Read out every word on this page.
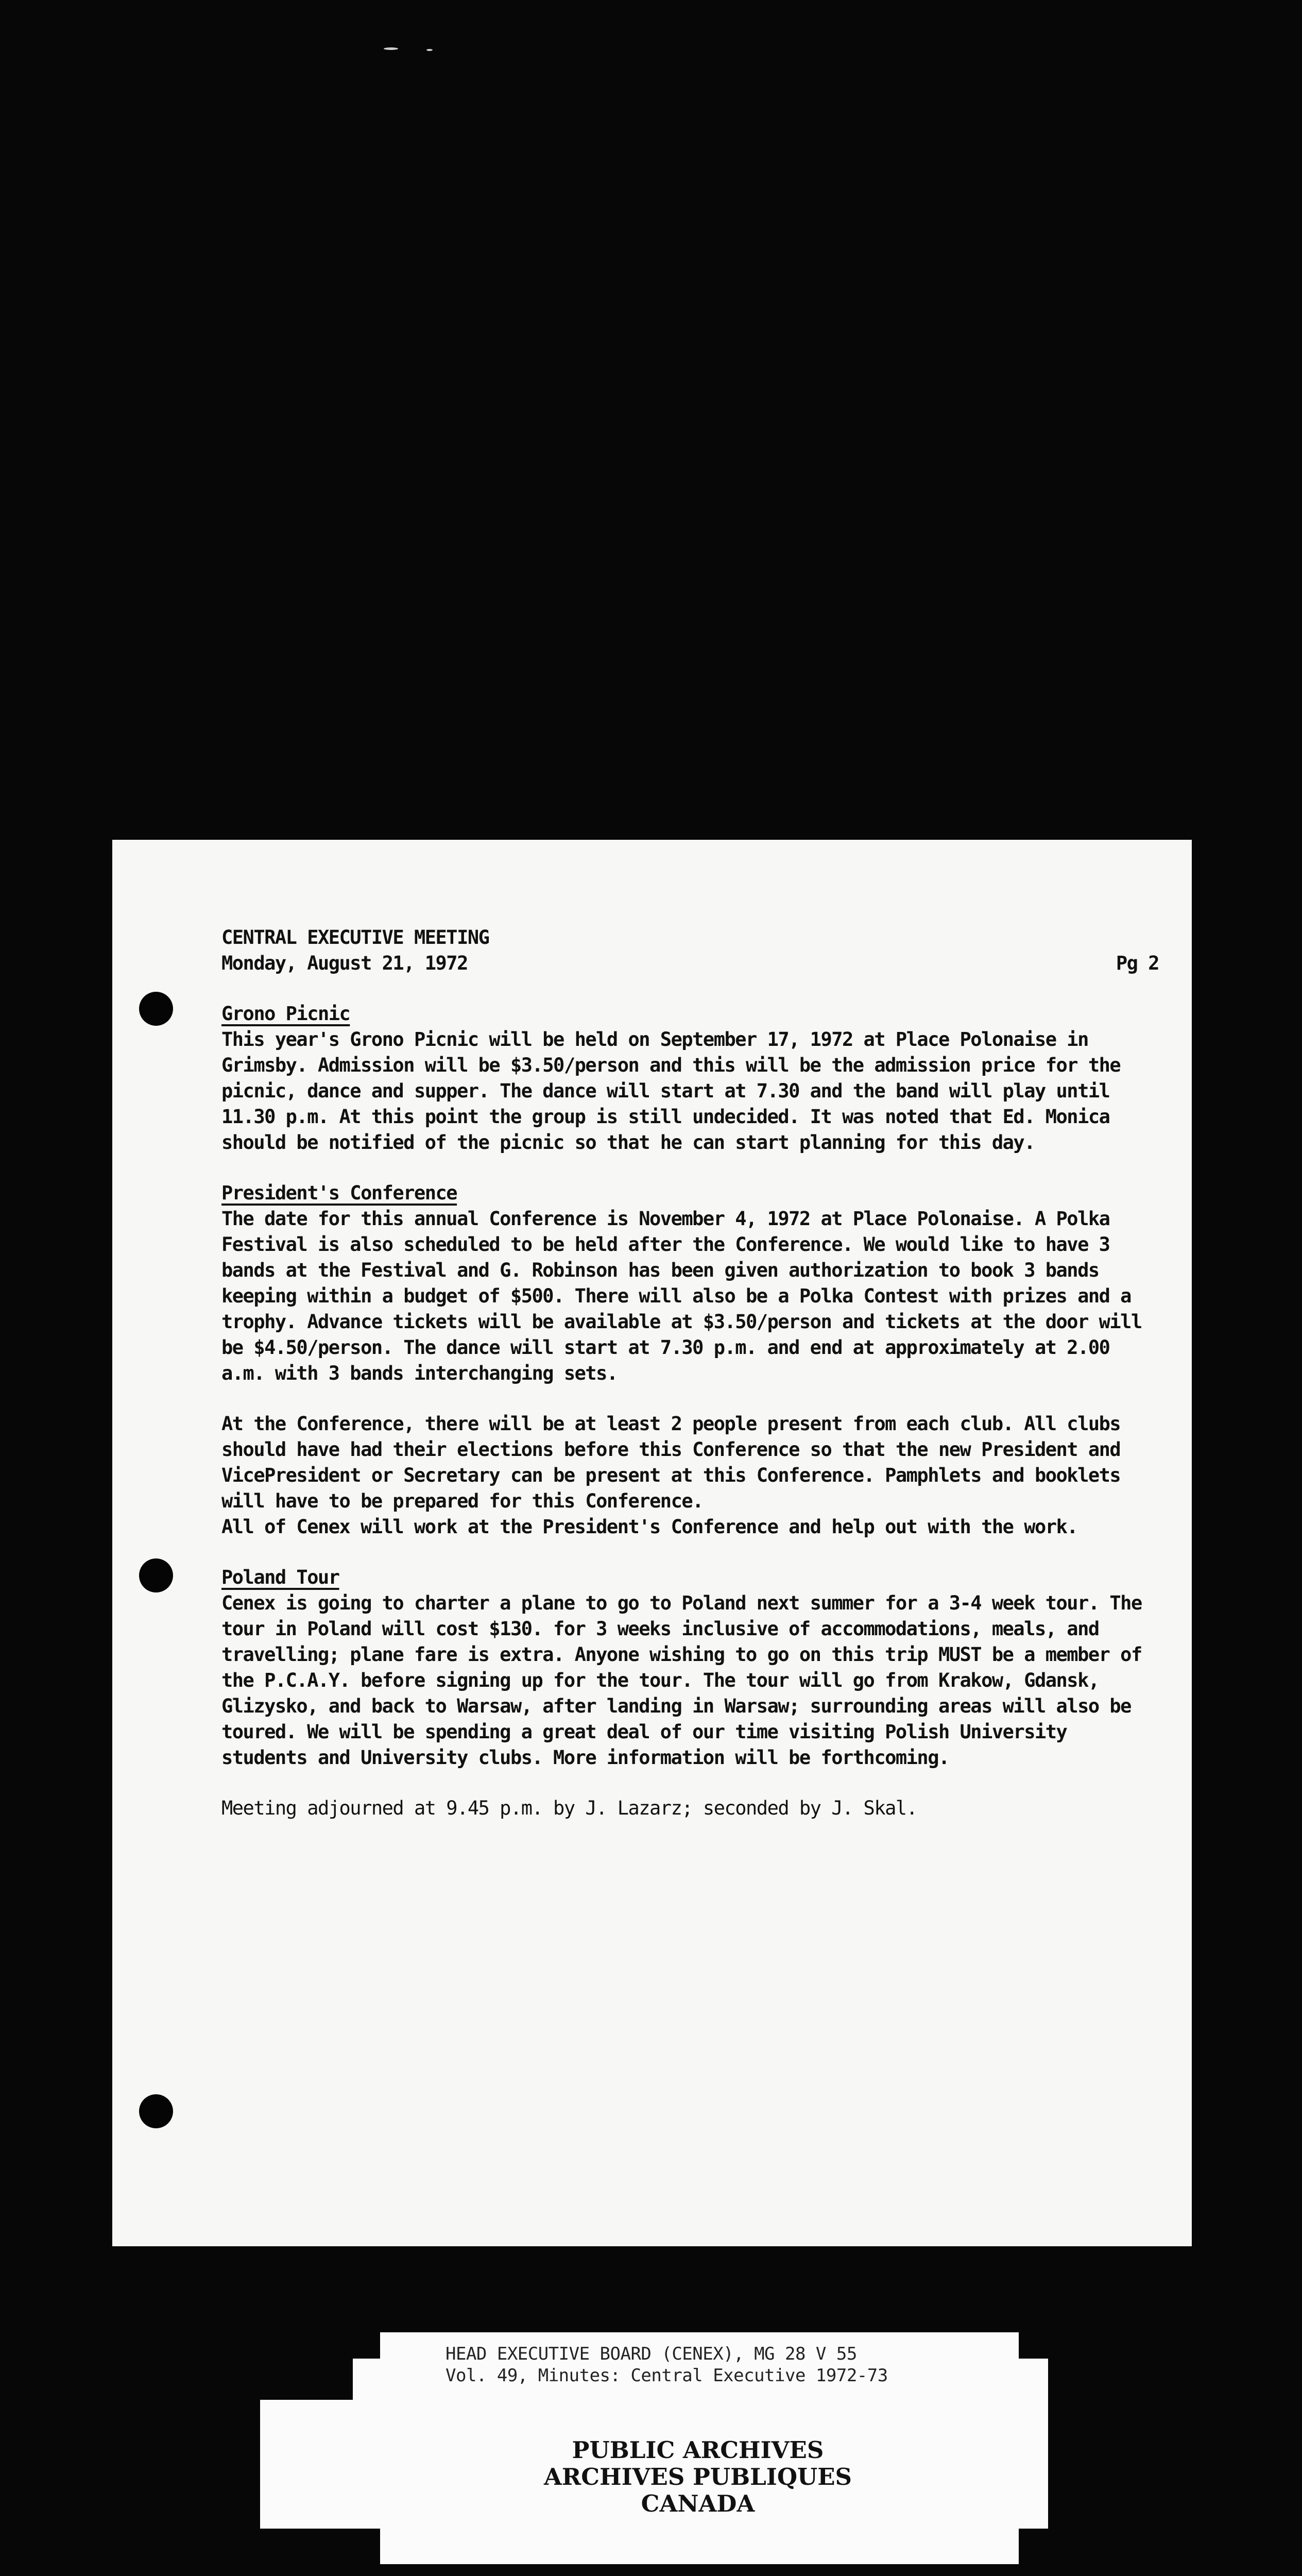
CENTRAL EXECUTIVE MEETING
Monday, August 21, 1972	Pg 2
Grono Picnic
This year's Grono Picnic will be held on September 17, 1972 at Place Polonaise in Grimsby. Admission will be $3.50/person and this will be the admission price for the picnic, dance and supper. The dance will start at 7.30 and the band will play until 11.30 p.m. At this point the group is still undecided. It was noted that Ed. Monica should be notified of the picnic so that he can start planning for this day.
President's Conference
The date for this annual Conference is November 4, 1972 at Place Polonaise. A Polka Festival is also scheduled to be held after the Conference. We would like to have 3 bands at the Festival and G. Robinson has been given authorization to book 3 bands keeping within a budget of $500. There will also be a Polka Contest with prizes and a trophy. Advance tickets will be available at $3.50/person and tickets at the door will be $4.50/person. The dance will start at 7.30 p.m. and end at approximately at 2.00 a.m. with 3 bands interchanging sets.
At the Conference, there will be at least 2 people present from each club. All clubs should have had their elections before this Conference so that the new President and VicePresident or Secretary can be present at this Conference. Pamphlets and booklets will have to be prepared for this Conference.
All of Cenex will work at the President's Conference and help out with the work.
Poland Tour
Cenex is going to charter a plane to go to Poland next summer for a 3-4 week tour. The tour in Poland will cost $130. for 3 weeks inclusive of accommodations, meals, and travelling; plane fare is extra. Anyone wishing to go on this trip MUST be a member of the P.C.A.Y. before signing up for the tour. The tour will go from Krakow, Gdansk, Glizysko, and back to Warsaw, after landing in Warsaw; surrounding areas will also be toured. We will be spending a great deal of our time visiting Polish University students and University clubs. More information will be forthcoming.
Meeting adjourned at 9.45 p.m. by J. Lazarz; seconded by J. Skal.
HEAD EXECUTIVE BOARD (CENEX), MG 28 V 55
Vol. 49, Minutes: Central Executive 1972-73
PUBLIC ARCHIVES
ARCHIVES PUBLIQUES
CANADA
